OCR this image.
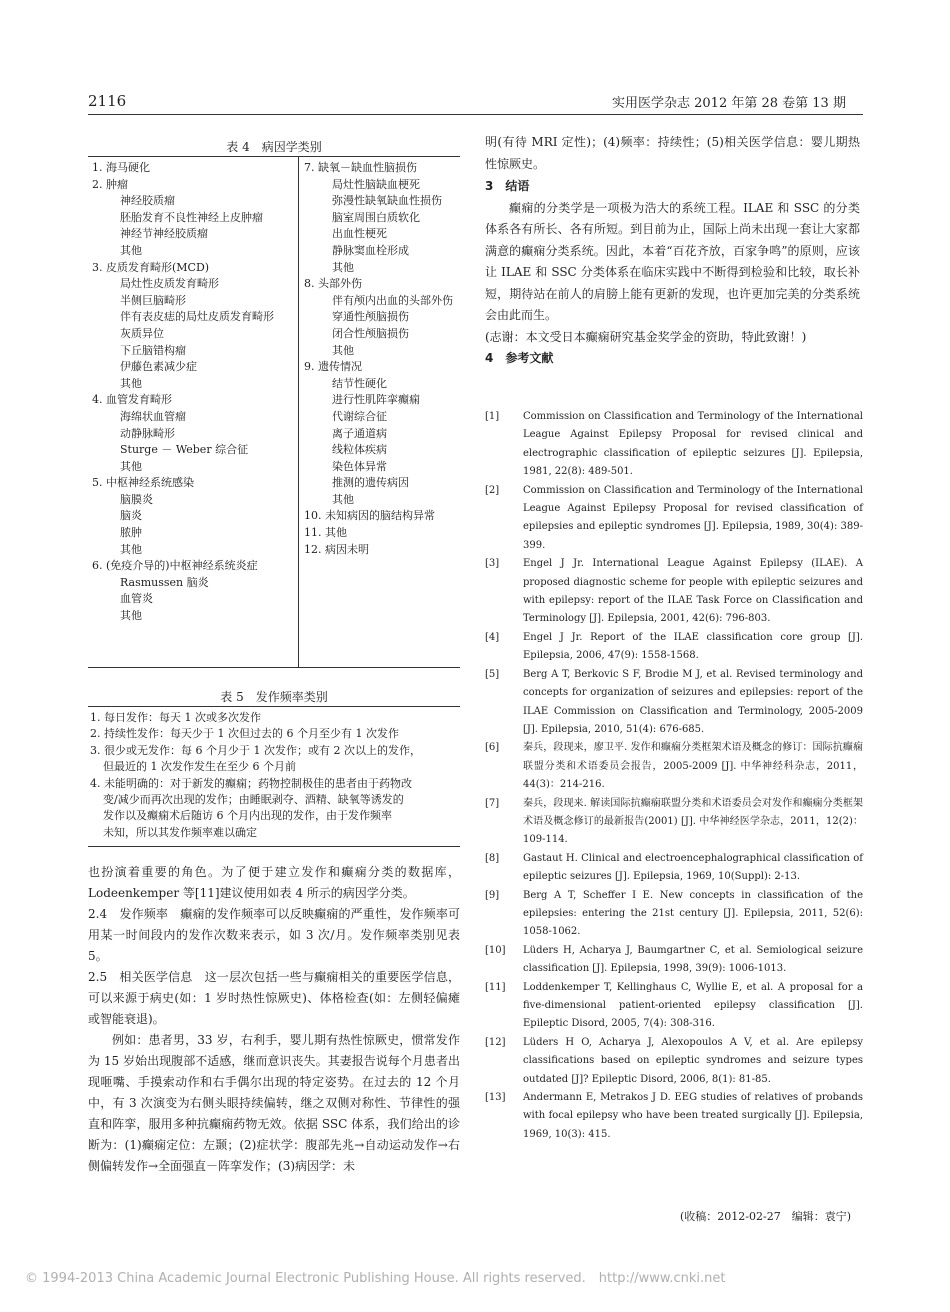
2116	实用医学杂志 2012 年第 28 卷第 13 期
表 4　病因学类别
1. 海马硬化
2. 肿瘤
神经胶质瘤
胚胎发育不良性神经上皮肿瘤
神经节神经胶质瘤
其他
3. 皮质发育畸形(MCD)
局灶性皮质发育畸形
半侧巨脑畸形
伴有表皮痣的局灶皮质发育畸形
灰质异位
下丘脑错构瘤
伊藤色素减少症
其他
4. 血管发育畸形
海绵状血管瘤
动静脉畸形
Sturge － Weber 综合征
其他
5. 中枢神经系统感染
脑膜炎
脑炎
脓肿
其他
6. (免疫介导的)中枢神经系统炎症
Rasmussen 脑炎
血管炎
其他
7. 缺氧－缺血性脑损伤
局灶性脑缺血梗死
弥漫性缺氧缺血性损伤
脑室周围白质软化
出血性梗死
静脉窦血栓形成
其他
8. 头部外伤
伴有颅内出血的头部外伤
穿通性颅脑损伤
闭合性颅脑损伤
其他
9. 遗传情况
结节性硬化
进行性肌阵挛癫痫
代谢综合征
离子通道病
线粒体疾病
染色体异常
推测的遗传病因
其他
10. 未知病因的脑结构异常
11. 其他
12. 病因未明
表 5　发作频率类别
1. 每日发作：每天 1 次或多次发作
2. 持续性发作：每天少于 1 次但过去的 6 个月至少有 1 次发作
3. 很少或无发作：每 6 个月少于 1 次发作；或有 2 次以上的发作，
但最近的 1 次发作发生在至少 6 个月前
4. 未能明确的：对于新发的癫痫；药物控制极佳的患者由于药物改
变/减少而再次出现的发作；由睡眠剥夺、酒精、缺氧等诱发的
发作以及癫痫术后随访 6 个月内出现的发作，由于发作频率
未知，所以其发作频率难以确定

也扮演着重要的角色。为了便于建立发作和癫痫分类的数据库，Lodeenkemper 等[11]建议使用如表 4 所示的病因学分类。

2.4　发作频率　癫痫的发作频率可以反映癫痫的严重性，发作频率可用某一时间段内的发作次数来表示，如 3 次/月。发作频率类别见表 5。

2.5　相关医学信息　这一层次包括一些与癫痫相关的重要医学信息，可以来源于病史(如：1 岁时热性惊厥史)、体格检查(如：左侧轻偏瘫或智能衰退)。

例如：患者男，33 岁，右利手，婴儿期有热性惊厥史，惯常发作为 15 岁始出现腹部不适感，继而意识丧失。其妻报告说每个月患者出现咂嘴、手摸索动作和右手偶尔出现的特定姿势。在过去的 12 个月中，有 3 次演变为右侧头眼持续偏转，继之双侧对称性、节律性的强直和阵挛，服用多种抗癫痫药物无效。依据 SSC 体系，我们给出的诊断为：(1)癫痫定位：左颞；(2)症状学：腹部先兆→自动运动发作→右侧偏转发作→全面强直－阵挛发作；(3)病因学：未

明(有待 MRI 定性)；(4)频率：持续性；(5)相关医学信息：婴儿期热性惊厥史。

3　结语

癫痫的分类学是一项极为浩大的系统工程。ILAE 和 SSC 的分类体系各有所长、各有所短。到目前为止，国际上尚未出现一套让大家都满意的癫痫分类系统。因此，本着“百花齐放，百家争鸣”的原则，应该让 ILAE 和 SSC 分类体系在临床实践中不断得到检验和比较，取长补短，期待站在前人的肩膀上能有更新的发现，也许更加完美的分类系统会由此而生。

(志谢：本文受日本癫痫研究基金奖学金的资助，特此致谢！)

4　参考文献

[1]	Commission on Classification and Terminology of the International League Against Epilepsy Proposal for revised clinical and electrographic classification of epileptic seizures [J]. Epilepsia, 1981, 22(8): 489-501.
[2]	Commission on Classification and Terminology of the International League Against Epilepsy Proposal for revised classification of epilepsies and epileptic syndromes [J]. Epilepsia, 1989, 30(4): 389-399.
[3]	Engel J Jr. International League Against Epilepsy (ILAE). A proposed diagnostic scheme for people with epileptic seizures and with epilepsy: report of the ILAE Task Force on Classification and Terminology [J]. Epilepsia, 2001, 42(6): 796-803.
[4]	Engel J Jr. Report of the ILAE classification core group [J]. Epilepsia, 2006, 47(9): 1558-1568.
[5]	Berg A T, Berkovic S F, Brodie M J, et al. Revised terminology and concepts for organization of seizures and epilepsies: report of the ILAE Commission on Classification and Terminology, 2005-2009 [J]. Epilepsia, 2010, 51(4): 676-685.
[6]	秦兵，段现来，廖卫平. 发作和癫痫分类框架术语及概念的修订：国际抗癫痫联盟分类和术语委员会报告，2005-2009 [J]. 中华神经科杂志，2011，44(3)：214-216.
[7]	秦兵，段现来. 解读国际抗癫痫联盟分类和术语委员会对发作和癫痫分类框架术语及概念修订的最新报告(2001) [J]. 中华神经医学杂志，2011，12(2)：109-114.
[8]	Gastaut H. Clinical and electroencephalographical classification of epileptic seizures [J]. Epilepsia, 1969, 10(Suppl): 2-13.
[9]	Berg A T, Scheffer I E. New concepts in classification of the epilepsies: entering the 21st century [J]. Epilepsia, 2011, 52(6): 1058-1062.
[10]	Lüders H, Acharya J, Baumgartner C, et al. Semiological seizure classification [J]. Epilepsia, 1998, 39(9): 1006-1013.
[11]	Loddenkemper T, Kellinghaus C, Wyllie E, et al. A proposal for a five-dimensional patient-oriented epilepsy classification [J]. Epileptic Disord, 2005, 7(4): 308-316.
[12]	Lüders H O, Acharya J, Alexopoulos A V, et al. Are epilepsy classifications based on epileptic syndromes and seizure types outdated [J]? Epileptic Disord, 2006, 8(1): 81-85.
[13]	Andermann E, Metrakos J D. EEG studies of relatives of probands with focal epilepsy who have been treated surgically [J]. Epilepsia, 1969, 10(3): 415.
(收稿：2012-02-27　编辑：袁宁)
© 1994-2013 China Academic Journal Electronic Publishing House. All rights reserved.　http://www.cnki.net
